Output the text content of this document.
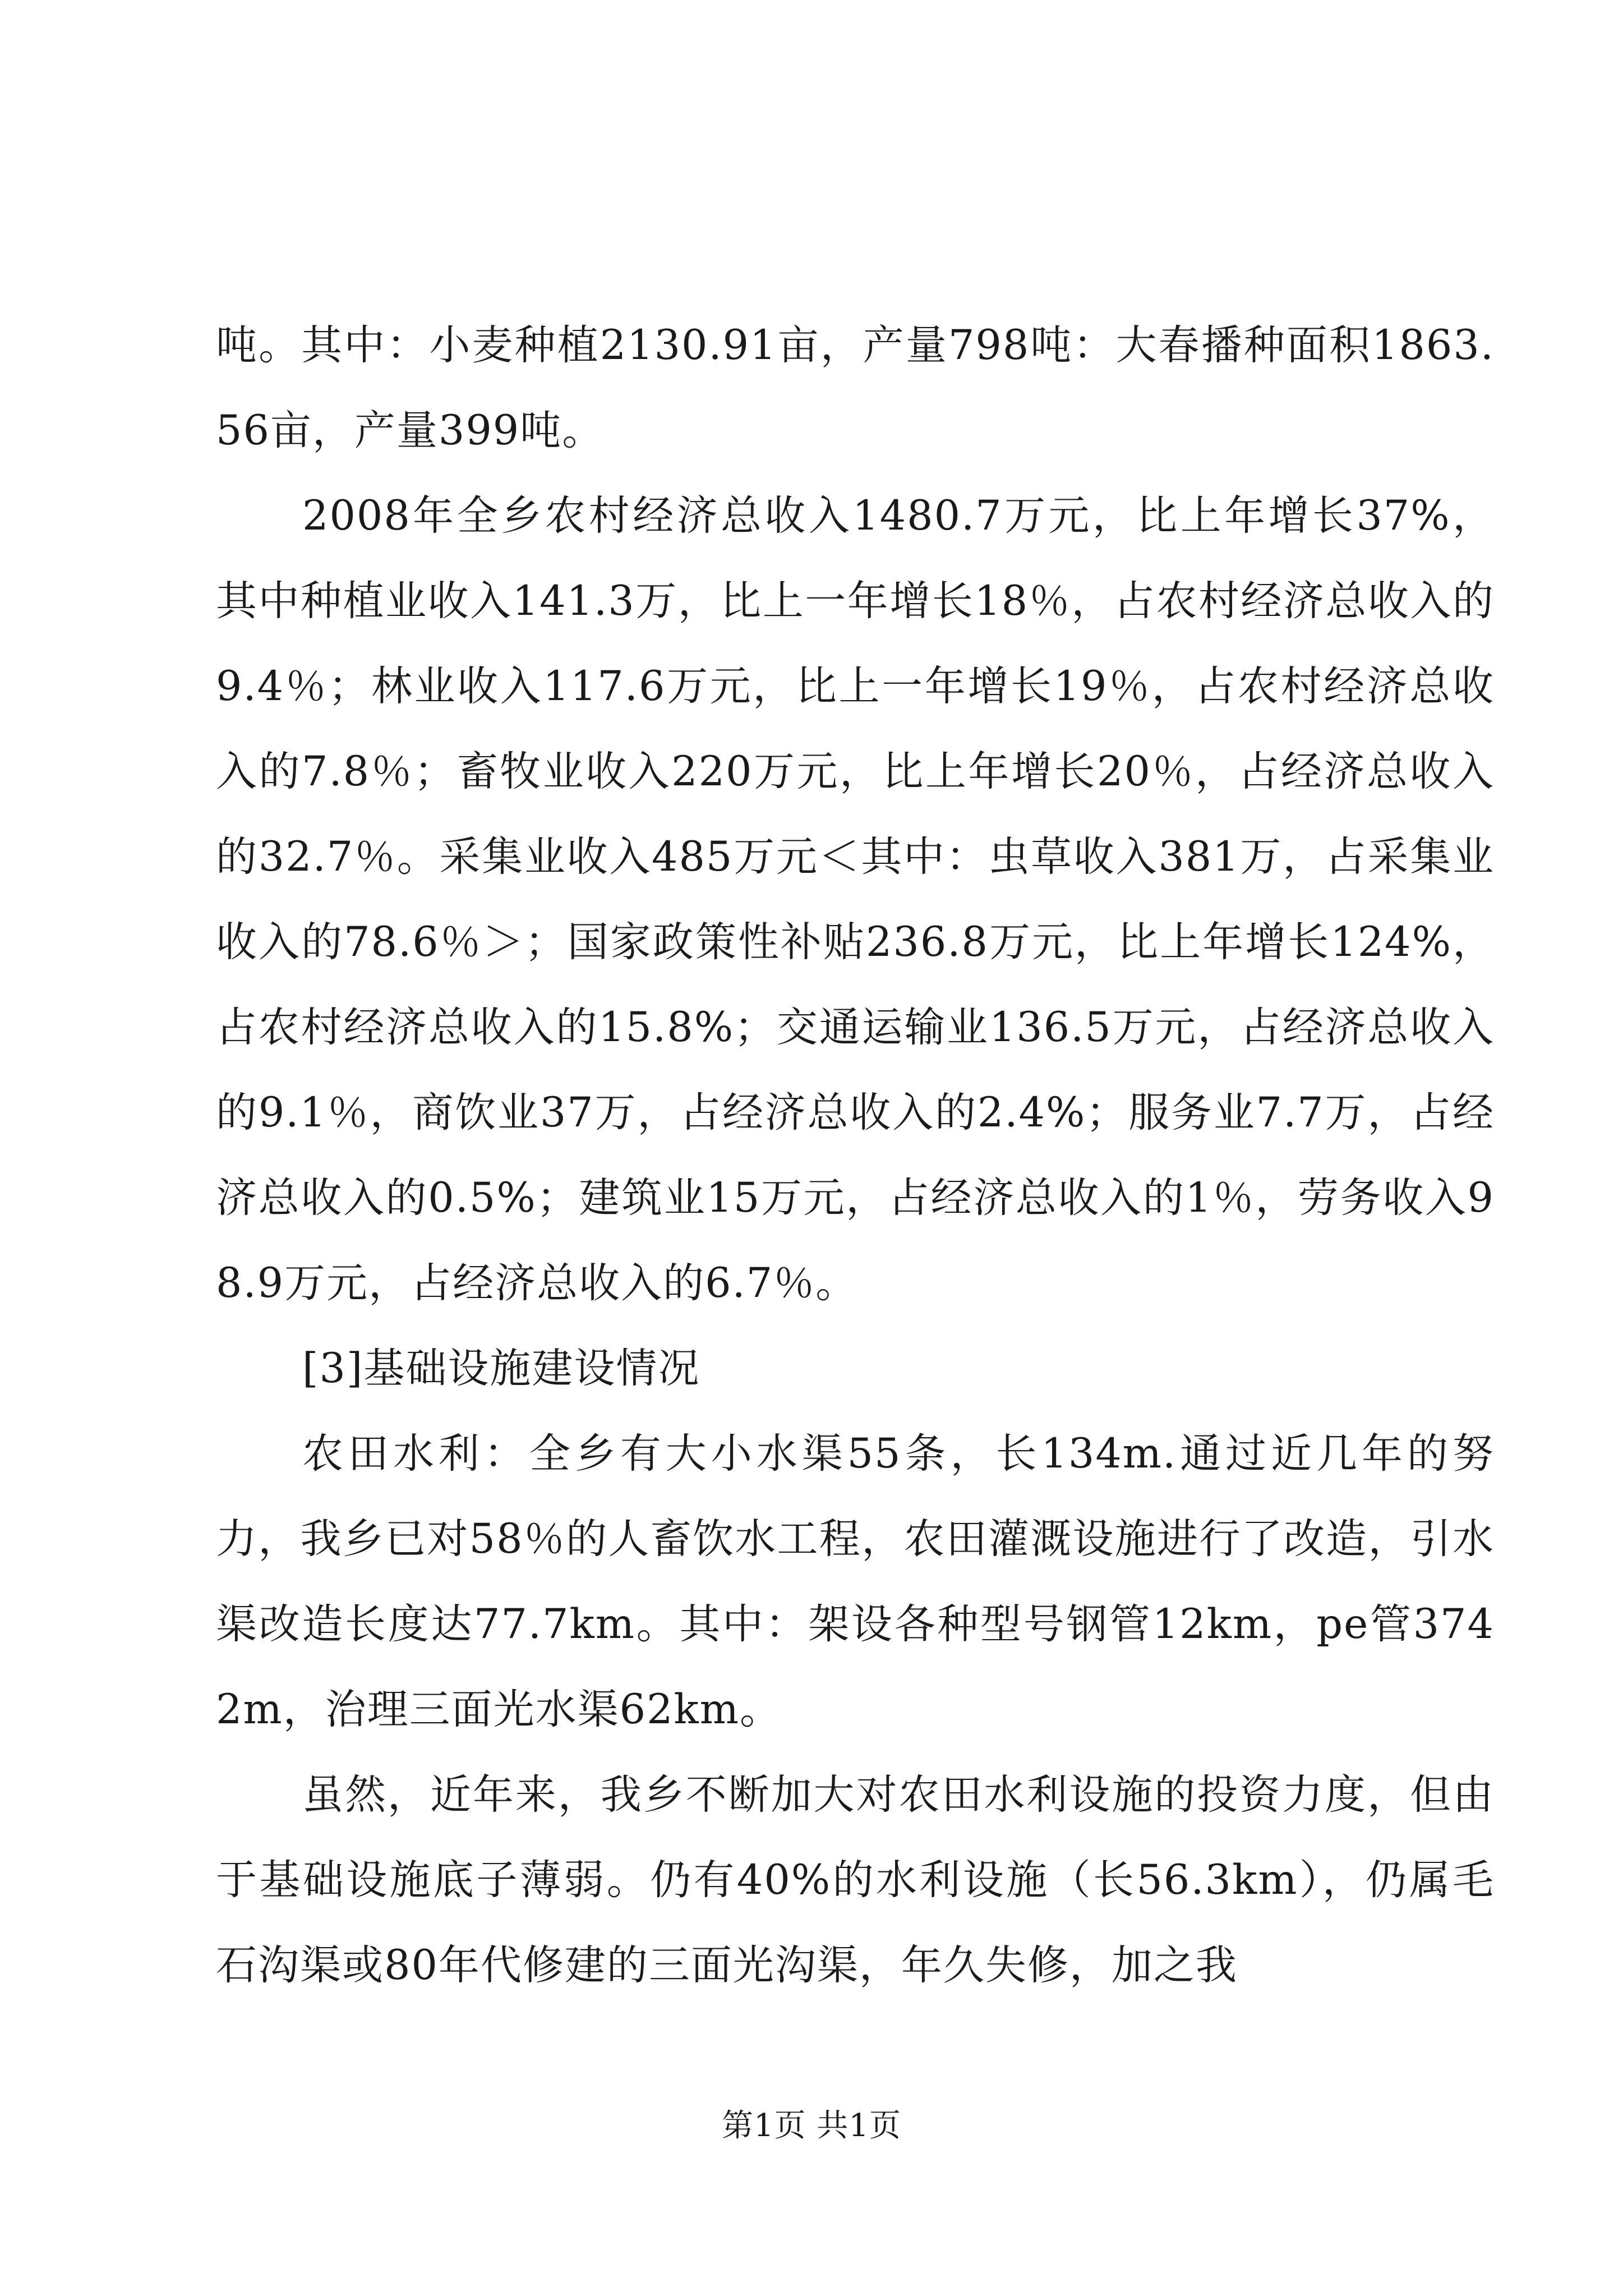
吨。其中：小麦种植2130.91亩，产量798吨：大春播种面积1863.56亩，产量399吨。

2008年全乡农村经济总收入1480.7万元，比上年增长37%，其中种植业收入141.3万，比上一年增长18％，占农村经济总收入的9.4％；林业收入117.6万元，比上一年增长19％，占农村经济总收入的7.8％；畜牧业收入220万元，比上年增长20％，占经济总收入的32.7％。采集业收入485万元＜其中：虫草收入381万，占采集业收入的78.6％＞；国家政策性补贴236.8万元，比上年增长124%，占农村经济总收入的15.8%；交通运输业136.5万元，占经济总收入的9.1％，商饮业37万，占经济总收入的2.4%；服务业7.7万，占经济总收入的0.5%；建筑业15万元，占经济总收入的1％，劳务收入98.9万元，占经济总收入的6.7％。

[3]基础设施建设情况

农田水利：全乡有大小水渠55条，长134m.通过近几年的努力，我乡已对58％的人畜饮水工程，农田灌溉设施进行了改造，引水渠改造长度达77.7km。其中：架设各种型号钢管12km，pe管3742m，治理三面光水渠62km。

虽然，近年来，我乡不断加大对农田水利设施的投资力度，但由于基础设施底子薄弱。仍有40%的水利设施（长56.3km），仍属毛石沟渠或80年代修建的三面光沟渠，年久失修，加之我

第1页 共1页
